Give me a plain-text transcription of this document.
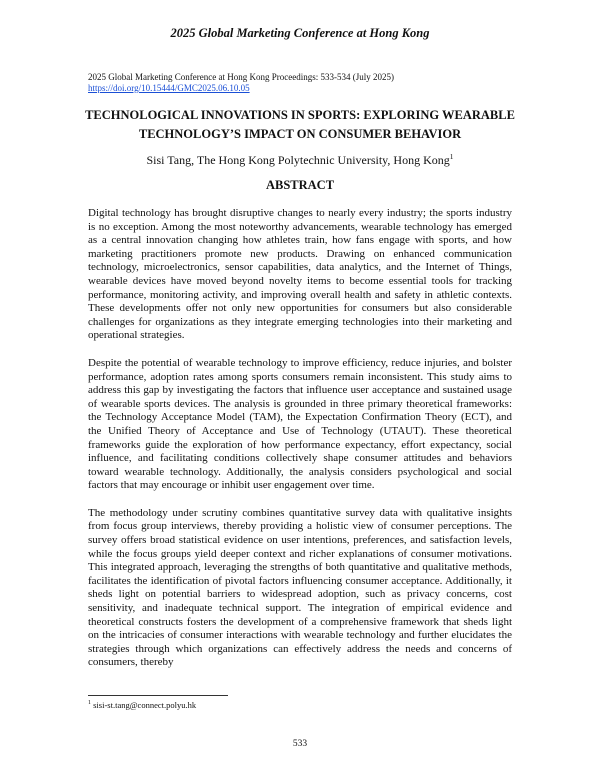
2025 Global Marketing Conference at Hong Kong
2025 Global Marketing Conference at Hong Kong Proceedings: 533-534 (July 2025)
https://doi.org/10.15444/GMC2025.06.10.05
TECHNOLOGICAL INNOVATIONS IN SPORTS: EXPLORING WEARABLE
TECHNOLOGY’S IMPACT ON CONSUMER BEHAVIOR
Sisi Tang, The Hong Kong Polytechnic University, Hong Kong$^1$
ABSTRACT

Digital technology has brought disruptive changes to nearly every industry; the sports industry is no exception. Among the most noteworthy advancements, wearable technology has emerged as a central innovation changing how athletes train, how fans engage with sports, and how marketing practitioners promote new products. Drawing on enhanced communication technology, microelectronics, sensor capabilities, data analytics, and the Internet of Things, wearable devices have moved beyond novelty items to become essential tools for tracking performance, monitoring activity, and improving overall health and safety in athletic contexts. These developments offer not only new opportunities for consumers but also considerable challenges for organizations as they integrate emerging technologies into their marketing and operational strategies.

Despite the potential of wearable technology to improve efficiency, reduce injuries, and bolster performance, adoption rates among sports consumers remain inconsistent. This study aims to address this gap by investigating the factors that influence user acceptance and sustained usage of wearable sports devices. The analysis is grounded in three primary theoretical frameworks: the Technology Acceptance Model (TAM), the Expectation Confirmation Theory (ECT), and the Unified Theory of Acceptance and Use of Technology (UTAUT). These theoretical frameworks guide the exploration of how performance expectancy, effort expectancy, social influence, and facilitating conditions collectively shape consumer attitudes and behaviors toward wearable technology. Additionally, the analysis considers psychological and social factors that may encourage or inhibit user engagement over time.

The methodology under scrutiny combines quantitative survey data with qualitative insights from focus group interviews, thereby providing a holistic view of consumer perceptions. The survey offers broad statistical evidence on user intentions, preferences, and satisfaction levels, while the focus groups yield deeper context and richer explanations of consumer motivations. This integrated approach, leveraging the strengths of both quantitative and qualitative methods, facilitates the identification of pivotal factors influencing consumer acceptance. Additionally, it sheds light on potential barriers to widespread adoption, such as privacy concerns, cost sensitivity, and inadequate technical support. The integration of empirical evidence and theoretical constructs fosters the development of a comprehensive framework that sheds light on the intricacies of consumer interactions with wearable technology and further elucidates the strategies through which organizations can effectively address the needs and concerns of consumers, thereby

$^1$ sisi-st.tang@connect.polyu.hk
533
